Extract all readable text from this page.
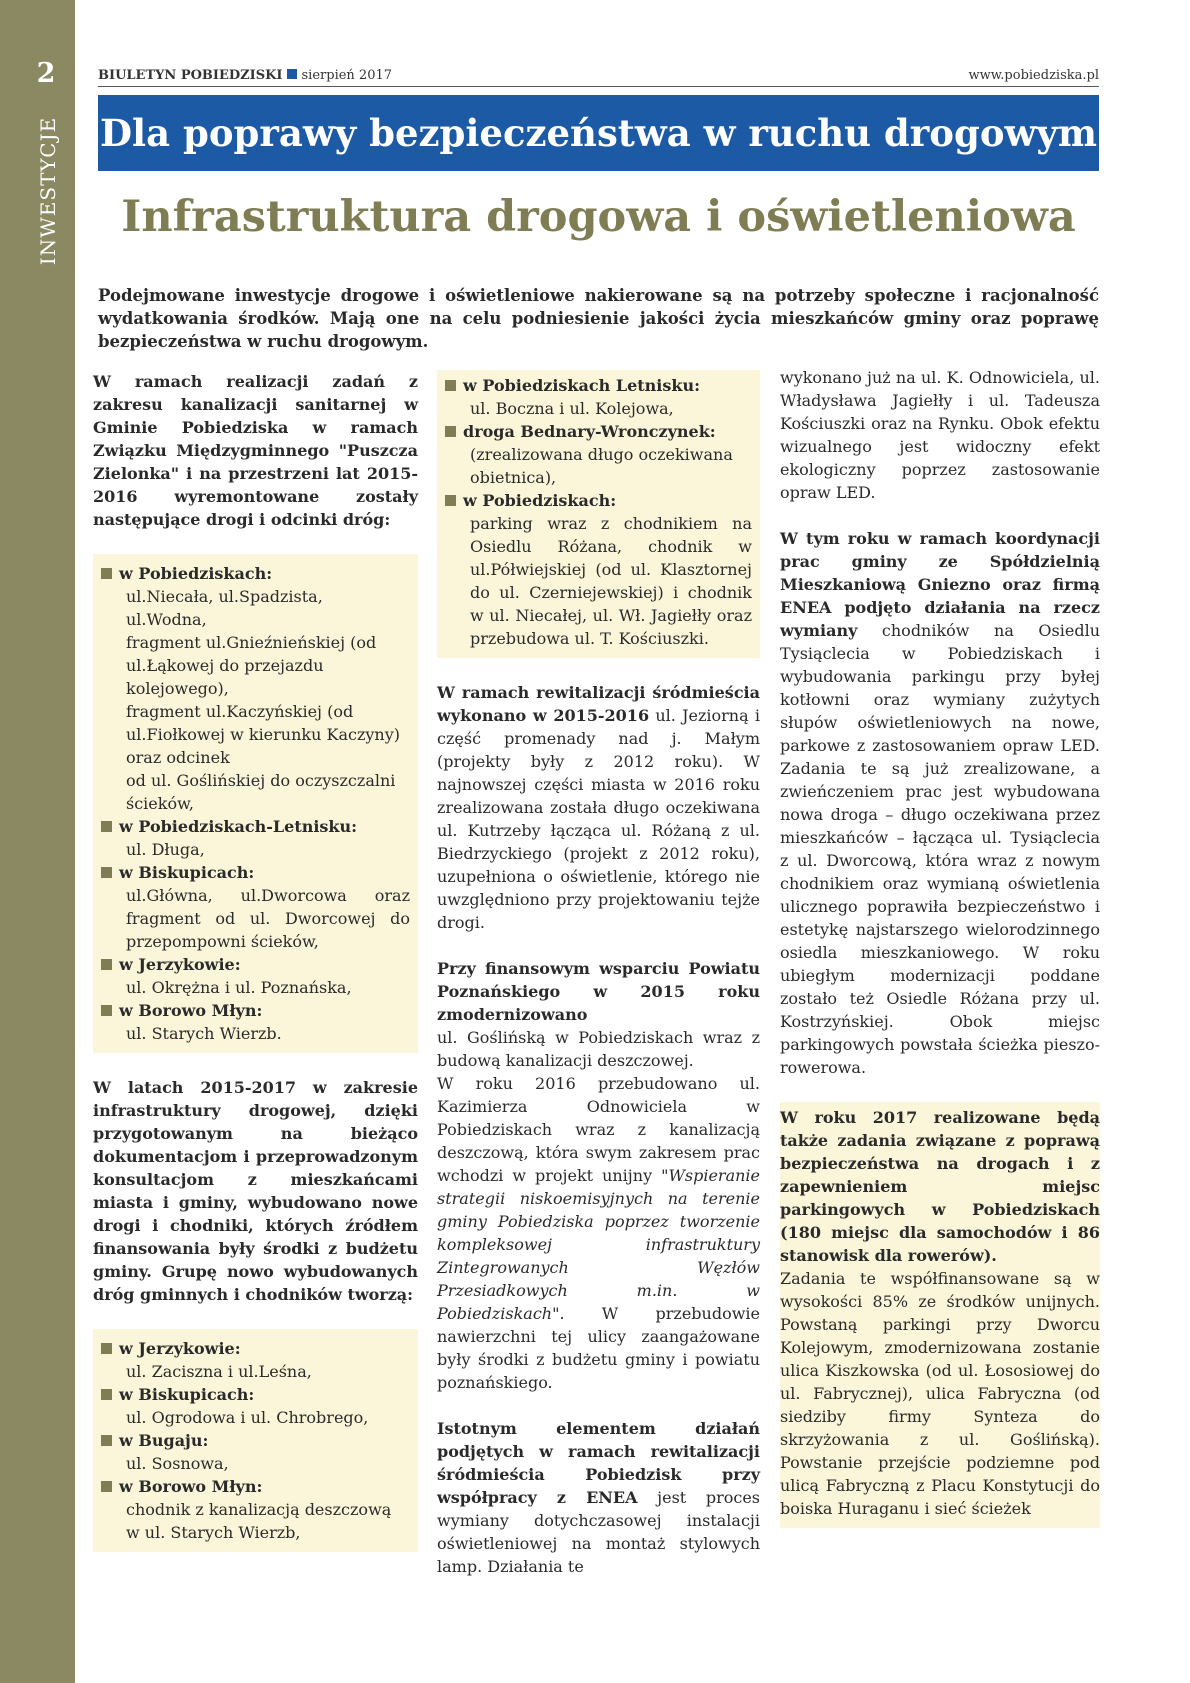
2
INWESTYCJE
BIULETYN POBIEDZISKI sierpień 2017	www.pobiedziska.pl
Dla poprawy bezpieczeństwa w ruchu drogowym
Infrastruktura drogowa i oświetleniowa

Podejmowane inwestycje drogowe i oświetleniowe nakierowane są na potrzeby społeczne i racjonalność wydatkowania środków. Mają one na celu podniesienie jakości życia mieszkańców gminy oraz poprawę bezpieczeństwa w ruchu drogowym.

W ramach realizacji zadań z zakresu kanalizacji sanitarnej w Gminie Pobiedziska w ramach Związku Międzygminnego "Puszcza Zielonka" i na przestrzeni lat 2015-2016 wyremontowane zostały następujące drogi i odcinki dróg:

w Pobiedziskach:
ul.Niecała, ul.Spadzista,
ul.Wodna,
fragment ul.Gnieźnieńskiej (od ul.Łąkowej do przejazdu kolejowego),
fragment ul.Kaczyńskiej (od ul.Fiołkowej w kierunku Kaczyny) oraz odcinek
od ul. Goślińskiej do oczyszczalni ścieków,
w Pobiedziskach-Letnisku:
ul. Długa,
w Biskupicach:
ul.Główna, ul.Dworcowa oraz fragment od ul. Dworcowej do przepompowni ścieków,
w Jerzykowie:
ul. Okrężna i ul. Poznańska,
w Borowo Młyn:
ul. Starych Wierzb.

W latach 2015-2017 w zakresie infrastruktury drogowej, dzięki przygotowanym na bieżąco dokumentacjom i przeprowadzonym konsultacjom z mieszkańcami miasta i gminy, wybudowano nowe drogi i chodniki, których źródłem finansowania były środki z budżetu gminy. Grupę nowo wybudowanych dróg gminnych i chodników tworzą:

w Jerzykowie:
ul. Zaciszna i ul.Leśna,
w Biskupicach:
ul. Ogrodowa i ul. Chrobrego,
w Bugaju:
ul. Sosnowa,
w Borowo Młyn:
chodnik z kanalizacją deszczową w ul. Starych Wierzb,
w Pobiedziskach Letnisku:
ul. Boczna i ul. Kolejowa,
droga Bednary-Wronczynek:
(zrealizowana długo oczekiwana obietnica),
w Pobiedziskach:
parking wraz z chodnikiem na Osiedlu Różana, chodnik w ul.Półwiejskiej (od ul. Klasztornej do ul. Czerniejewskiej) i chodnik w ul. Niecałej, ul. Wł. Jagiełły oraz przebudowa ul. T. Kościuszki.

W ramach rewitalizacji śródmieścia wykonano w 2015-2016 ul. Jeziorną i część promenady nad j. Małym (projekty były z 2012 roku). W najnowszej części miasta w 2016 roku zrealizowana została długo oczekiwana ul. Kutrzeby łącząca ul. Różaną z ul. Biedrzyckiego (projekt z 2012 roku), uzupełniona o oświetlenie, którego nie uwzględniono przy projektowaniu tejże drogi.

Przy finansowym wsparciu Powiatu Poznańskiego w 2015 roku zmodernizowano

ul. Goślińską w Pobiedziskach wraz z budową kanalizacji deszczowej.

W roku 2016 przebudowano ul. Kazimierza Odnowiciela w Pobiedziskach wraz z kanalizacją deszczową, która swym zakresem prac wchodzi w projekt unijny "Wspieranie strategii niskoemisyjnych na terenie gminy Pobiedziska poprzez tworzenie kompleksowej infrastruktury Zintegrowanych Węzłów Przesiadkowych m.in. w Pobiedziskach". W przebudowie nawierzchni tej ulicy zaangażowane były środki z budżetu gminy i powiatu poznańskiego.

Istotnym elementem działań podjętych w ramach rewitalizacji śródmieścia Pobiedzisk przy współpracy z ENEA jest proces wymiany dotychczasowej instalacji oświetleniowej na montaż stylowych lamp. Działania te

wykonano już na ul. K. Odnowiciela, ul. Władysława Jagiełły i ul. Tadeusza Kościuszki oraz na Rynku. Obok efektu wizualnego jest widoczny efekt ekologiczny poprzez zastosowanie opraw LED.

W tym roku w ramach koordynacji prac gminy ze Spółdzielnią Mieszkaniową Gniezno oraz firmą ENEA podjęto działania na rzecz wymiany chodników na Osiedlu Tysiąclecia w Pobiedziskach i wybudowania parkingu przy byłej kotłowni oraz wymiany zużytych słupów oświetleniowych na nowe, parkowe z zastosowaniem opraw LED. Zadania te są już zrealizowane, a zwieńczeniem prac jest wybudowana nowa droga – długo oczekiwana przez mieszkańców – łącząca ul. Tysiąclecia z ul. Dworcową, która wraz z nowym chodnikiem oraz wymianą oświetlenia ulicznego poprawiła bezpieczeństwo i estetykę najstarszego wielorodzinnego osiedla mieszkaniowego. W roku ubiegłym modernizacji poddane zostało też Osiedle Różana przy ul. Kostrzyńskiej. Obok miejsc parkingowych powstała ścieżka pieszo-rowerowa.

W roku 2017 realizowane będą także zadania związane z poprawą bezpieczeństwa na drogach i z zapewnieniem miejsc parkingowych w Pobiedziskach (180 miejsc dla samochodów i 86 stanowisk dla rowerów).

Zadania te współfinansowane są w wysokości 85% ze środków unijnych. Powstaną parkingi przy Dworcu Kolejowym, zmodernizowana zostanie ulica Kiszkowska (od ul. Łososiowej do ul. Fabrycznej), ulica Fabryczna (od siedziby firmy Synteza do skrzyżowania z ul. Goślińską). Powstanie przejście podziemne pod ulicą Fabryczną z Placu Konstytucji do boiska Huraganu i sieć ścieżek
